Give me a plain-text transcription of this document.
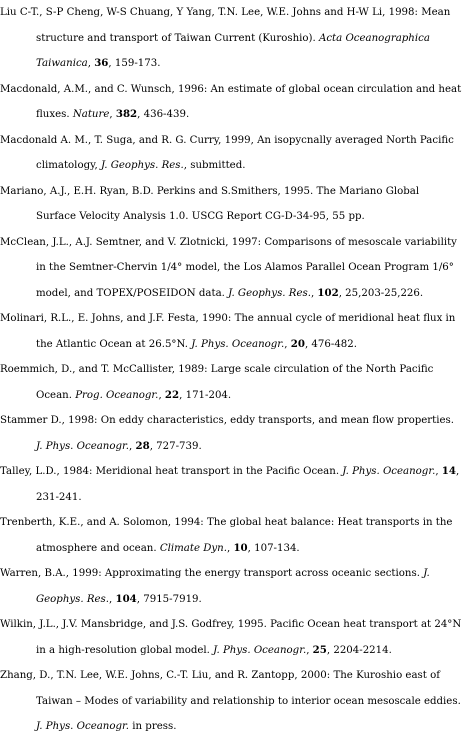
Liu C-T., S-P Cheng, W-S Chuang, Y Yang, T.N. Lee, W.E. Johns and H-W Li, 1998: Mean structure and transport of Taiwan Current (Kuroshio). Acta Oceanographica Taiwanica, 36, 159-173.

Macdonald, A.M., and C. Wunsch, 1996: An estimate of global ocean circulation and heat fluxes. Nature, 382, 436-439.

Macdonald A. M., T. Suga, and R. G. Curry, 1999, An isopycnally averaged North Pacific climatology, J. Geophys. Res., submitted.

Mariano, A.J., E.H. Ryan, B.D. Perkins and S.Smithers, 1995. The Mariano Global Surface Velocity Analysis 1.0. USCG Report CG-D-34-95, 55 pp.

McClean, J.L., A.J. Semtner, and V. Zlotnicki, 1997: Comparisons of mesoscale variability in the Semtner-Chervin 1/4° model, the Los Alamos Parallel Ocean Program 1/6° model, and TOPEX/POSEIDON data. J. Geophys. Res., 102, 25,203-25,226.

Molinari, R.L., E. Johns, and J.F. Festa, 1990: The annual cycle of meridional heat flux in the Atlantic Ocean at 26.5°N. J. Phys. Oceanogr., 20, 476-482.

Roemmich, D., and T. McCallister, 1989: Large scale circulation of the North Pacific Ocean. Prog. Oceanogr., 22, 171-204.

Stammer D., 1998: On eddy characteristics, eddy transports, and mean flow properties. J. Phys. Oceanogr., 28, 727-739.

Talley, L.D., 1984: Meridional heat transport in the Pacific Ocean. J. Phys. Oceanogr., 14, 231-241.

Trenberth, K.E., and A. Solomon, 1994: The global heat balance: Heat transports in the atmosphere and ocean. Climate Dyn., 10, 107-134.

Warren, B.A., 1999: Approximating the energy transport across oceanic sections. J. Geophys. Res., 104, 7915-7919.

Wilkin, J.L., J.V. Mansbridge, and J.S. Godfrey, 1995. Pacific Ocean heat transport at 24°N in a high-resolution global model. J. Phys. Oceanogr., 25, 2204-2214.

Zhang, D., T.N. Lee, W.E. Johns, C.-T. Liu, and R. Zantopp, 2000: The Kuroshio east of Taiwan – Modes of variability and relationship to interior ocean mesoscale eddies. J. Phys. Oceanogr. in press.
